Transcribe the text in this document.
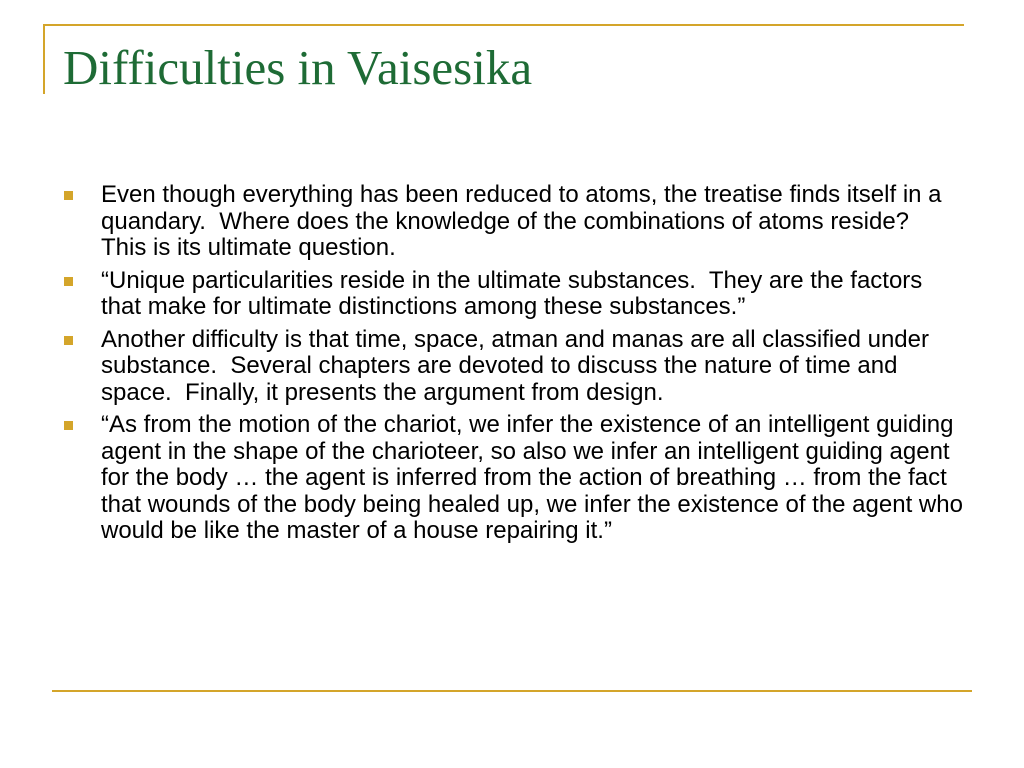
Difficulties in Vaisesika
Even though everything has been reduced to atoms, the treatise finds itself in a quandary.  Where does the knowledge of the combinations of atoms reside?  This is its ultimate question.
“Unique particularities reside in the ultimate substances.  They are the factors that make for ultimate distinctions among these substances.”
Another difficulty is that time, space, atman and manas are all classified under substance.  Several chapters are devoted to discuss the nature of time and space.  Finally, it presents the argument from design.
“As from the motion of the chariot, we infer the existence of an intelligent guiding agent in the shape of the charioteer, so also we infer an intelligent guiding agent for the body … the agent is inferred from the action of breathing … from the fact that wounds of the body being healed up, we infer the existence of the agent who would be like the master of a house repairing it.”
